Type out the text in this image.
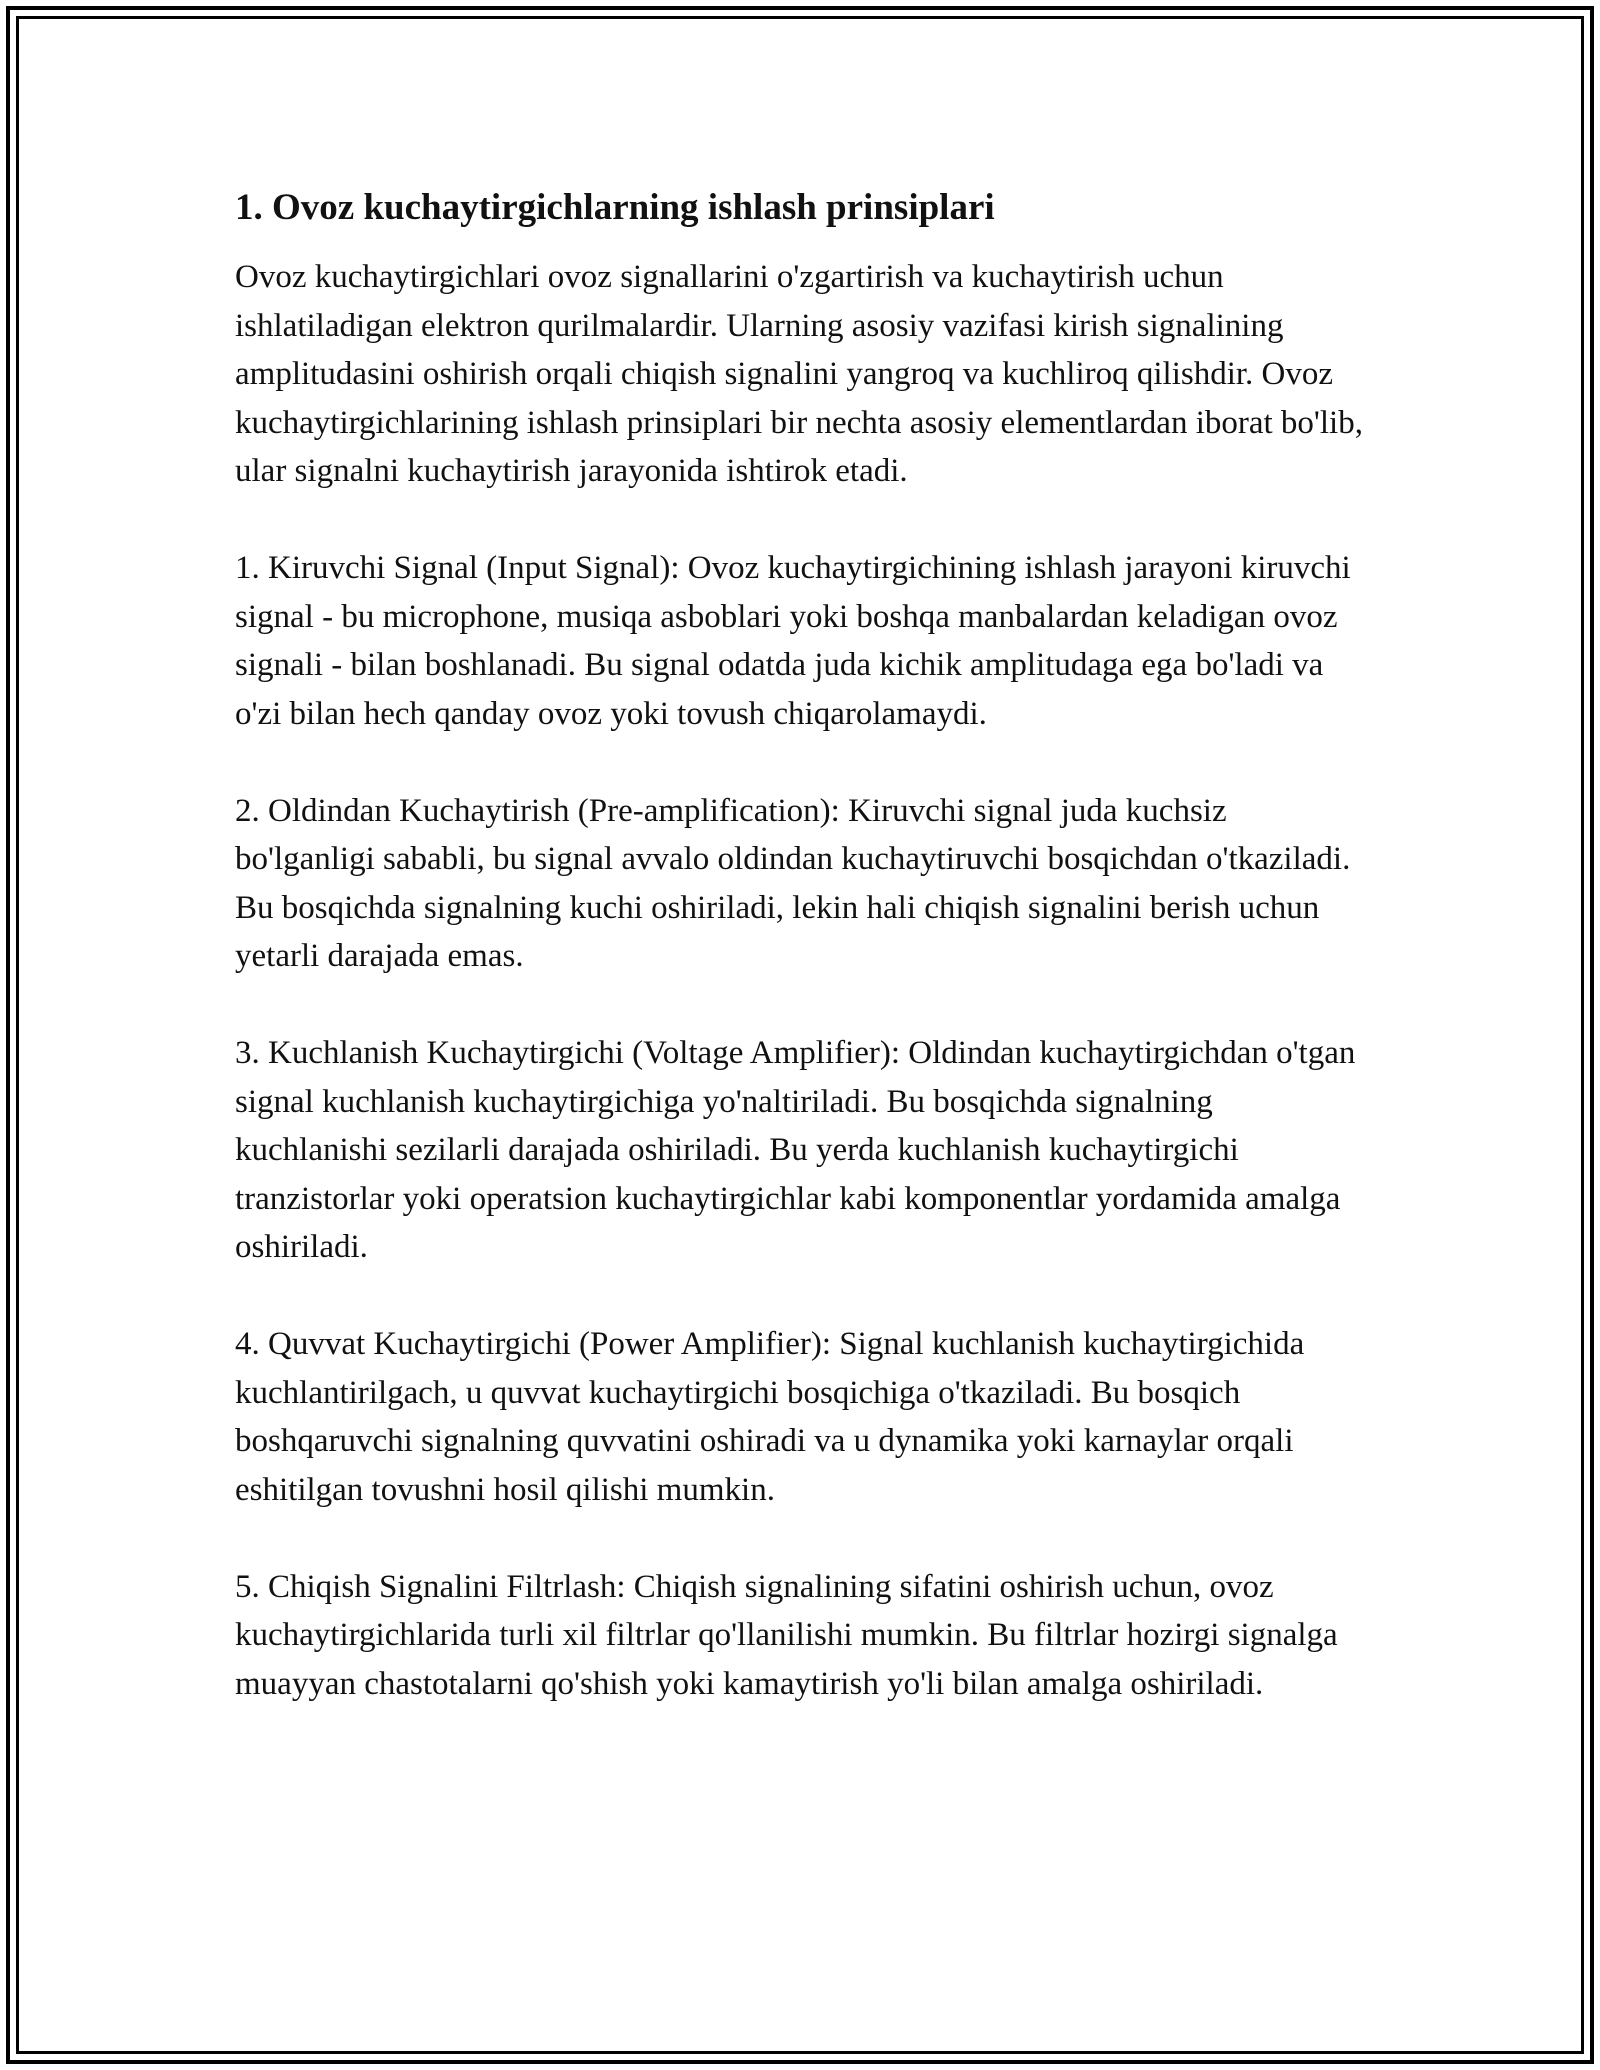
1. Ovoz kuchaytirgichlarning ishlash prinsiplari

Ovoz kuchaytirgichlari ovoz signallarini o'zgartirish va kuchaytirish uchun ishlatiladigan elektron qurilmalardir. Ularning asosiy vazifasi kirish signalining amplitudasini oshirish orqali chiqish signalini yangroq va kuchliroq qilishdir. Ovoz kuchaytirgichlarining ishlash prinsiplari bir nechta asosiy elementlardan iborat bo'lib, ular signalni kuchaytirish jarayonida ishtirok etadi.

1. Kiruvchi Signal (Input Signal): Ovoz kuchaytirgichining ishlash jarayoni kiruvchi signal - bu microphone, musiqa asboblari yoki boshqa manbalardan keladigan ovoz signali - bilan boshlanadi. Bu signal odatda juda kichik amplitudaga ega bo'ladi va o'zi bilan hech qanday ovoz yoki tovush chiqarolamaydi.

2. Oldindan Kuchaytirish (Pre-amplification): Kiruvchi signal juda kuchsiz bo'lganligi sababli, bu signal avvalo oldindan kuchaytiruvchi bosqichdan o'tkaziladi. Bu bosqichda signalning kuchi oshiriladi, lekin hali chiqish signalini berish uchun yetarli darajada emas.

3. Kuchlanish Kuchaytirgichi (Voltage Amplifier): Oldindan kuchaytirgichdan o'tgan signal kuchlanish kuchaytirgichiga yo'naltiriladi. Bu bosqichda signalning kuchlanishi sezilarli darajada oshiriladi. Bu yerda kuchlanish kuchaytirgichi tranzistorlar yoki operatsion kuchaytirgichlar kabi komponentlar yordamida amalga oshiriladi.

4. Quvvat Kuchaytirgichi (Power Amplifier): Signal kuchlanish kuchaytirgichida kuchlantirilgach, u quvvat kuchaytirgichi bosqichiga o'tkaziladi. Bu bosqich boshqaruvchi signalning quvvatini oshiradi va u dynamika yoki karnaylar orqali eshitilgan tovushni hosil qilishi mumkin.

5. Chiqish Signalini Filtrlash: Chiqish signalining sifatini oshirish uchun, ovoz kuchaytirgichlarida turli xil filtrlar qo'llanilishi mumkin. Bu filtrlar hozirgi signalga muayyan chastotalarni qo'shish yoki kamaytirish yo'li bilan amalga oshiriladi.
